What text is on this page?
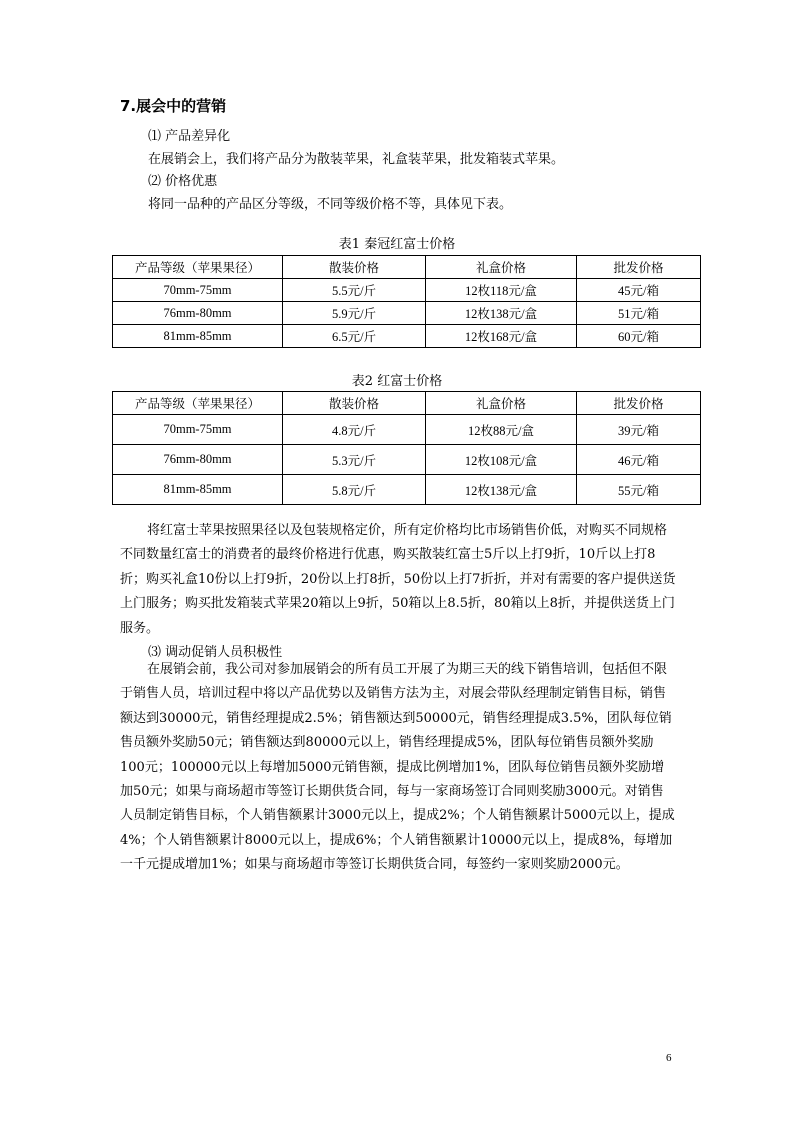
7.展会中的营销
⑴ 产品差异化
在展销会上，我们将产品分为散装苹果，礼盒装苹果，批发箱装式苹果。
⑵ 价格优惠
将同一品种的产品区分等级，不同等级价格不等，具体见下表。
表1 秦冠红富士价格
产品等级（苹果果径）	散装价格	礼盒价格	批发价格
70mm-75mm	5.5元/斤	12枚118元/盒	45元/箱
76mm-80mm	5.9元/斤	12枚138元/盒	51元/箱
81mm-85mm	6.5元/斤	12枚168元/盒	60元/箱
表2 红富士价格
产品等级（苹果果径）	散装价格	礼盒价格	批发价格
70mm-75mm	4.8元/斤	12枚88元/盒	39元/箱
76mm-80mm	5.3元/斤	12枚108元/盒	46元/箱
81mm-85mm	5.8元/斤	12枚138元/盒	55元/箱
将红富士苹果按照果径以及包装规格定价，所有定价格均比市场销售价低，对购买不同规格不同数量红富士的消费者的最终价格进行优惠，购买散装红富士5斤以上打9折，10斤以上打8折；购买礼盒10份以上打9折，20份以上打8折，50份以上打7折折，并对有需要的客户提供送货上门服务；购买批发箱装式苹果20箱以上9折，50箱以上8.5折，80箱以上8折，并提供送货上门服务。
⑶ 调动促销人员积极性
在展销会前，我公司对参加展销会的所有员工开展了为期三天的线下销售培训，包括但不限于销售人员，培训过程中将以产品优势以及销售方法为主，对展会带队经理制定销售目标，销售额达到30000元，销售经理提成2.5%；销售额达到50000元，销售经理提成3.5%，团队每位销售员额外奖励50元；销售额达到80000元以上，销售经理提成5%，团队每位销售员额外奖励100元；100000元以上每增加5000元销售额，提成比例增加1%，团队每位销售员额外奖励增加50元；如果与商场超市等签订长期供货合同，每与一家商场签订合同则奖励3000元。对销售人员制定销售目标，个人销售额累计3000元以上，提成2%；个人销售额累计5000元以上，提成4%；个人销售额累计8000元以上，提成6%；个人销售额累计10000元以上，提成8%，每增加一千元提成增加1%；如果与商场超市等签订长期供货合同，每签约一家则奖励2000元。
6
